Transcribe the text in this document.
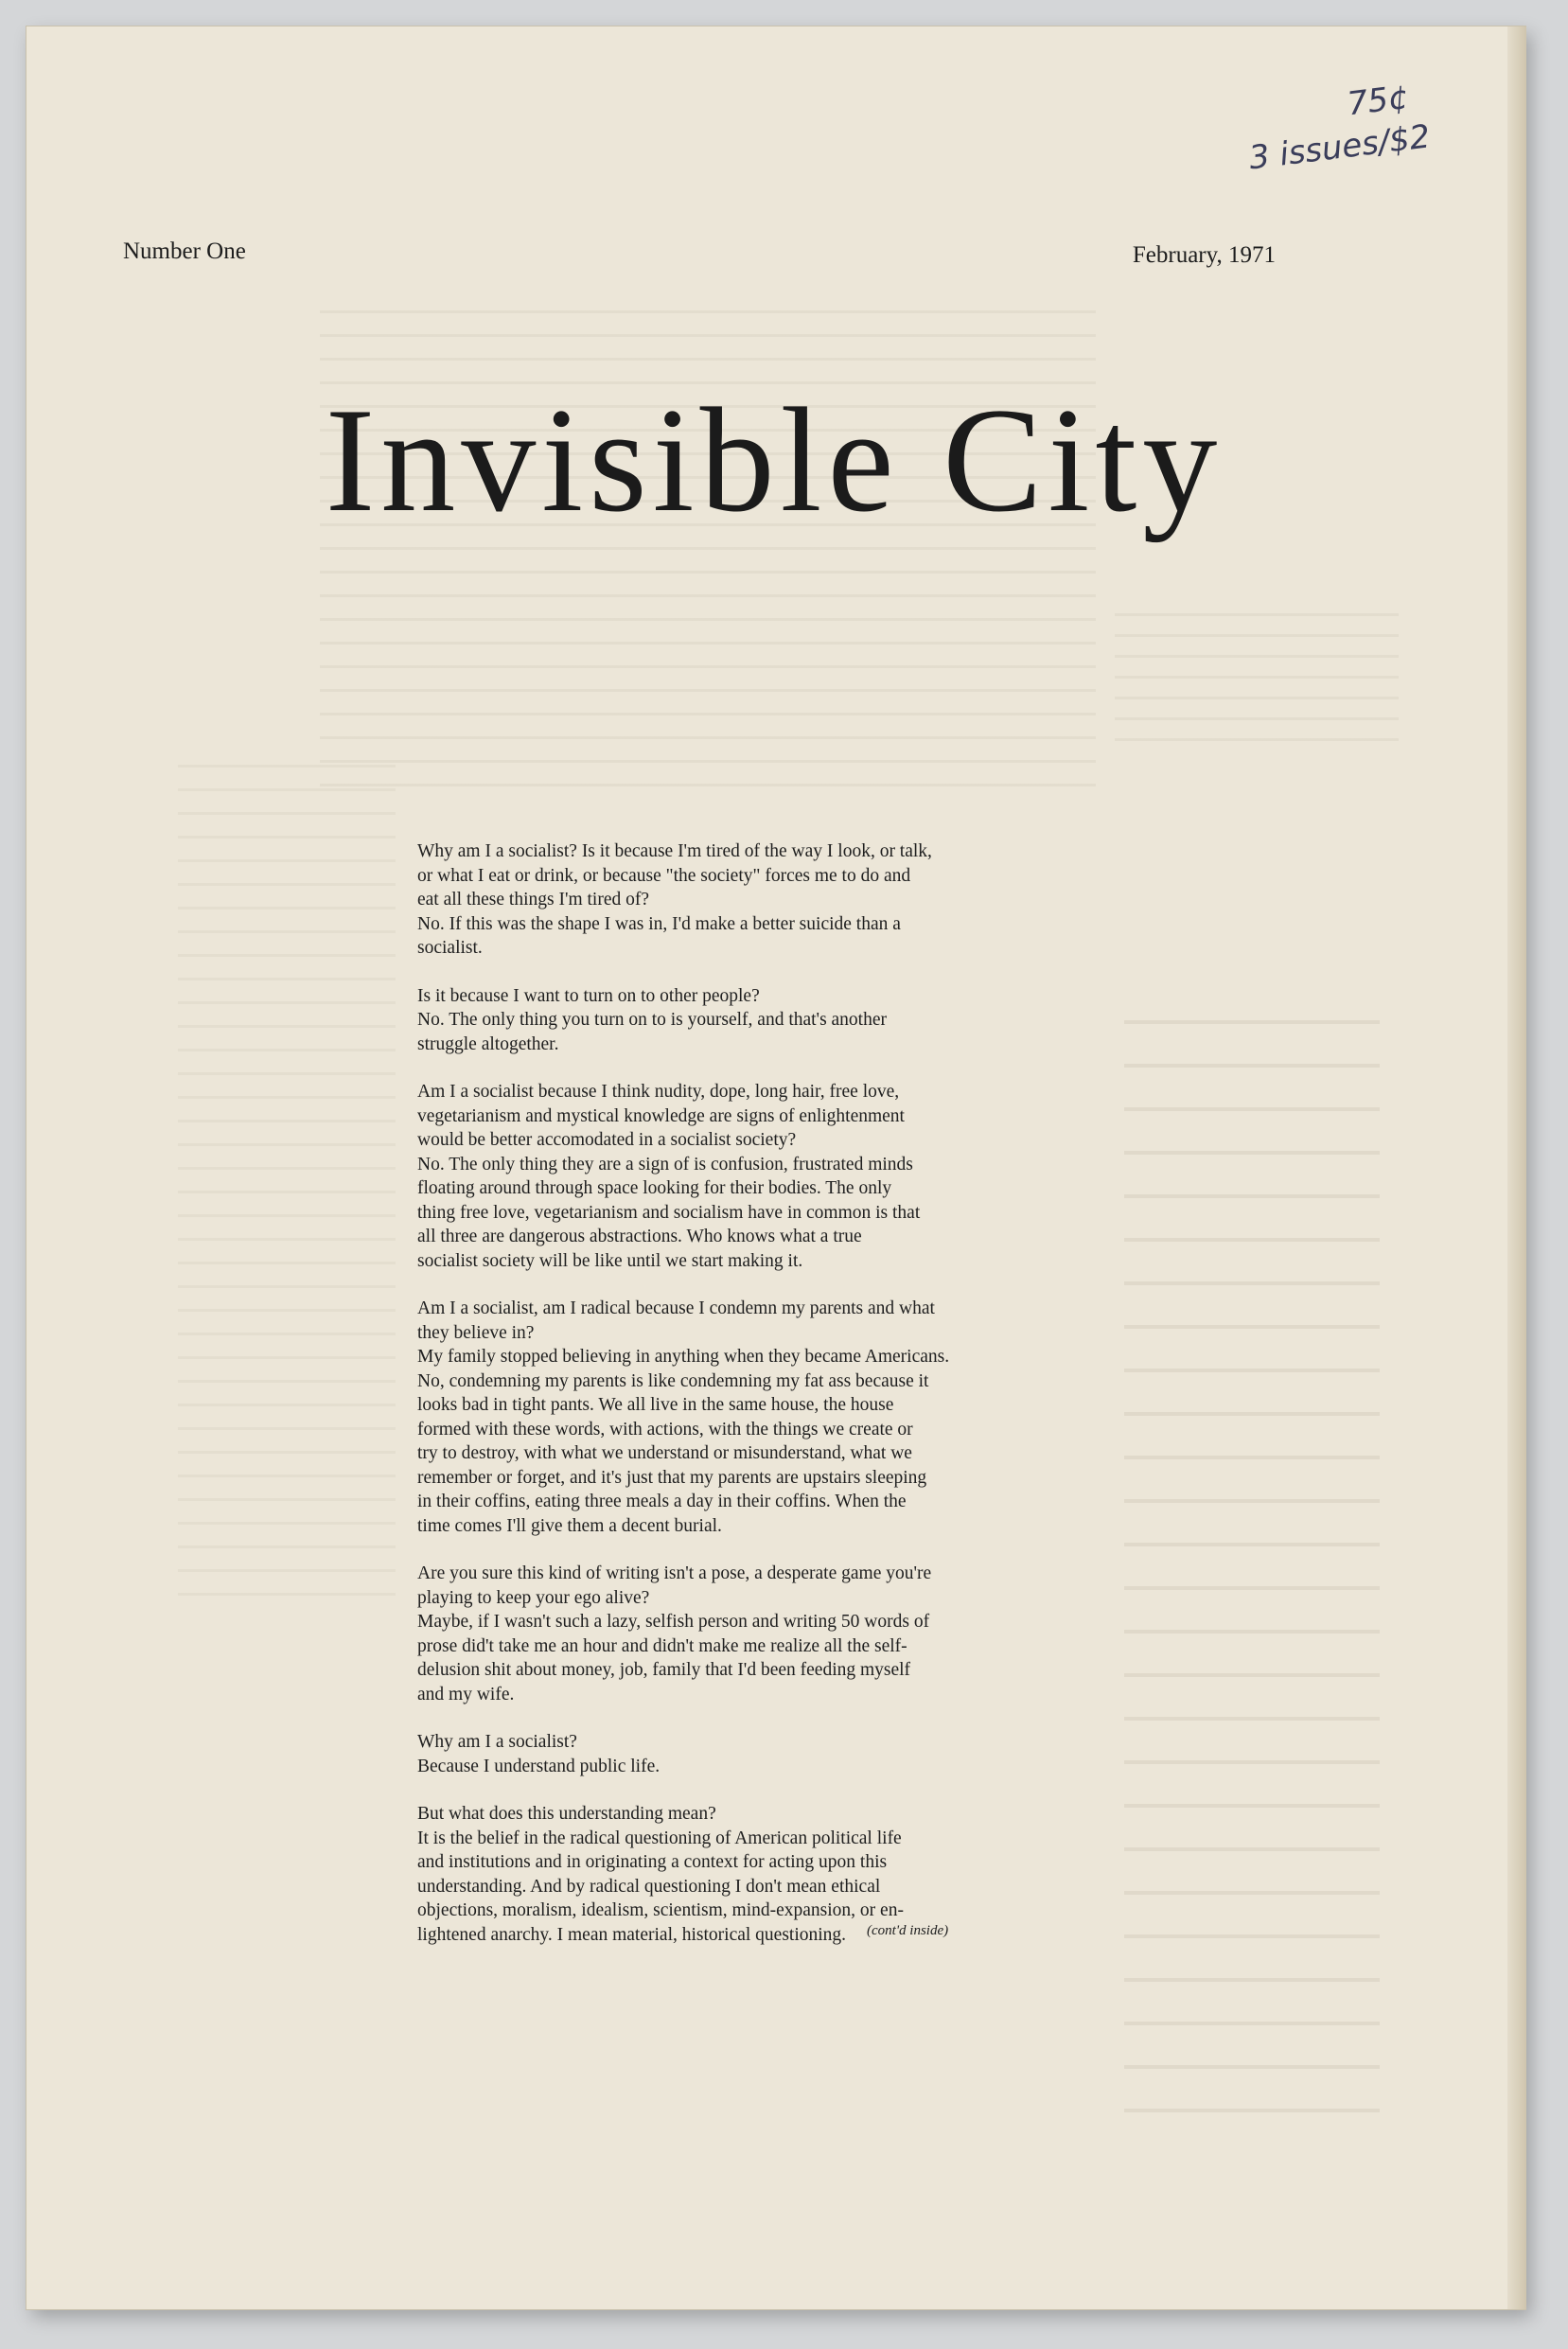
75¢
3 issues/$2
Number One	February, 1971
Invisible City

Why am I a socialist? Is it because I'm tired of the way I look, or talk,
or what I eat or drink, or because "the society" forces me to do and
eat all these things I'm tired of?
No. If this was the shape I was in, I'd make a better suicide than a
socialist.

Is it because I want to turn on to other people?
No. The only thing you turn on to is yourself, and that's another
struggle altogether.

Am I a socialist because I think nudity, dope, long hair, free love,
vegetarianism and mystical knowledge are signs of enlightenment
would be better accomodated in a socialist society?
No. The only thing they are a sign of is confusion, frustrated minds
floating around through space looking for their bodies. The only
thing free love, vegetarianism and socialism have in common is that
all three are dangerous abstractions. Who knows what a true
socialist society will be like until we start making it.

Am I a socialist, am I radical because I condemn my parents and what
they believe in?
My family stopped believing in anything when they became Americans.
No, condemning my parents is like condemning my fat ass because it
looks bad in tight pants. We all live in the same house, the house
formed with these words, with actions, with the things we create or
try to destroy, with what we understand or misunderstand, what we
remember or forget, and it's just that my parents are upstairs sleeping
in their coffins, eating three meals a day in their coffins. When the
time comes I'll give them a decent burial.

Are you sure this kind of writing isn't a pose, a desperate game you're
playing to keep your ego alive?
Maybe, if I wasn't such a lazy, selfish person and writing 50 words of
prose did't take me an hour and didn't make me realize all the self-
delusion shit about money, job, family that I'd been feeding myself
and my wife.

Why am I a socialist?
Because I understand public life.

But what does this understanding mean?
It is the belief in the radical questioning of American political life
and institutions and in originating a context for acting upon this
understanding. And by radical questioning I don't mean ethical
objections, moralism, idealism, scientism, mind-expansion, or en-
lightened anarchy. I mean material, historical questioning.	(cont'd inside)
